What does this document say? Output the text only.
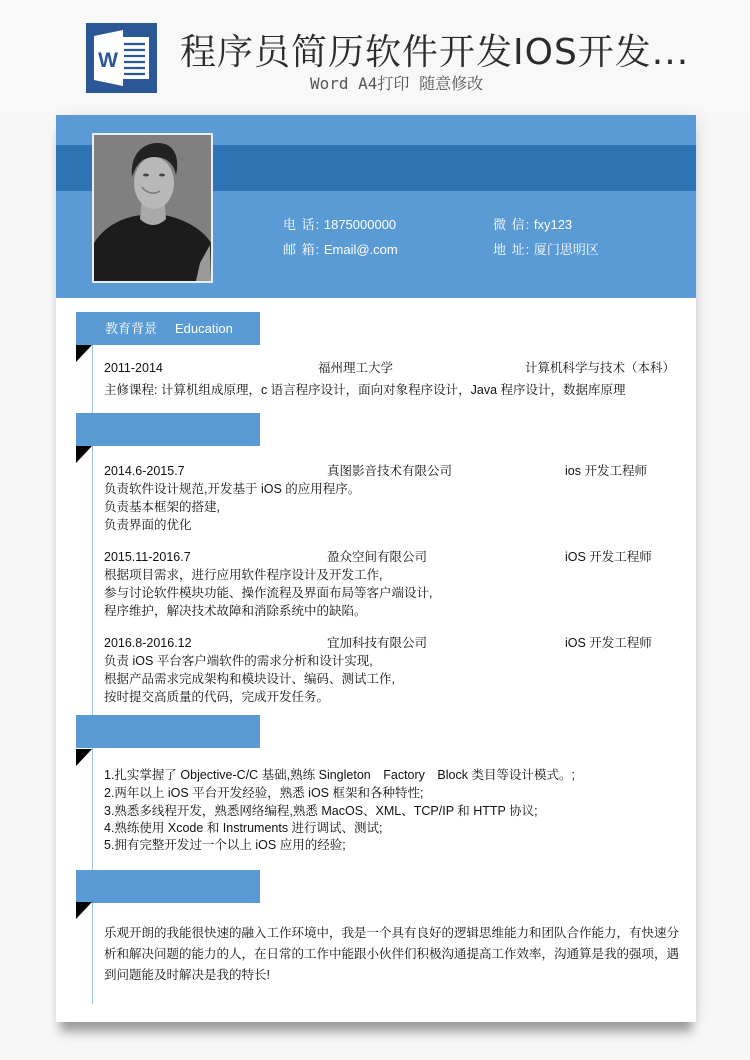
W 程序员简历软件开发IOS开发...
Word A4打印 随意修改
电 话: 1875000000
邮 箱: Email@.com
微 信: fxy123
地 址: 厦门思明区
教育背景 Education
2011-2014	福州理工大学	计算机科学与技术（本科）
主修课程: 计算机组成原理，c 语言程序设计，面向对象程序设计，Java 程序设计，数据库原理
2014.6-2015.7	真图影音技术有限公司	ios 开发工程师
负责软件设计规范,开发基于 iOS 的应用程序。
负责基本框架的搭建,
负责界面的优化
2015.11-2016.7	盈众空间有限公司	iOS 开发工程师
根据项目需求，进行应用软件程序设计及开发工作,
参与讨论软件模块功能、操作流程及界面布局等客户端设计,
程序维护，解决技术故障和消除系统中的缺陷。
2016.8-2016.12	宜加科技有限公司	iOS 开发工程师
负责 iOS 平台客户端软件的需求分析和设计实现,
根据产品需求完成架构和模块设计、编码、测试工作,
按时提交高质量的代码，完成开发任务。
1.扎实掌握了 Objective-C/C 基础,熟练 Singleton　Factory　Block 类目等设计模式。;
2.两年以上 iOS 平台开发经验，熟悉 iOS 框架和各种特性;
3.熟悉多线程开发，熟悉网络编程,熟悉 MacOS、XML、TCP/IP 和 HTTP 协议;
4.熟练使用 Xcode 和 Instruments 进行调试、测试;
5.拥有完整开发过一个以上 iOS 应用的经验;
乐观开朗的我能很快速的融入工作环境中，我是一个具有良好的逻辑思维能力和团队合作能力，有快速分析和解决问题的能力的人，在日常的工作中能跟小伙伴们积极沟通提高工作效率，沟通算是我的强项，遇到问题能及时解决是我的特长!
